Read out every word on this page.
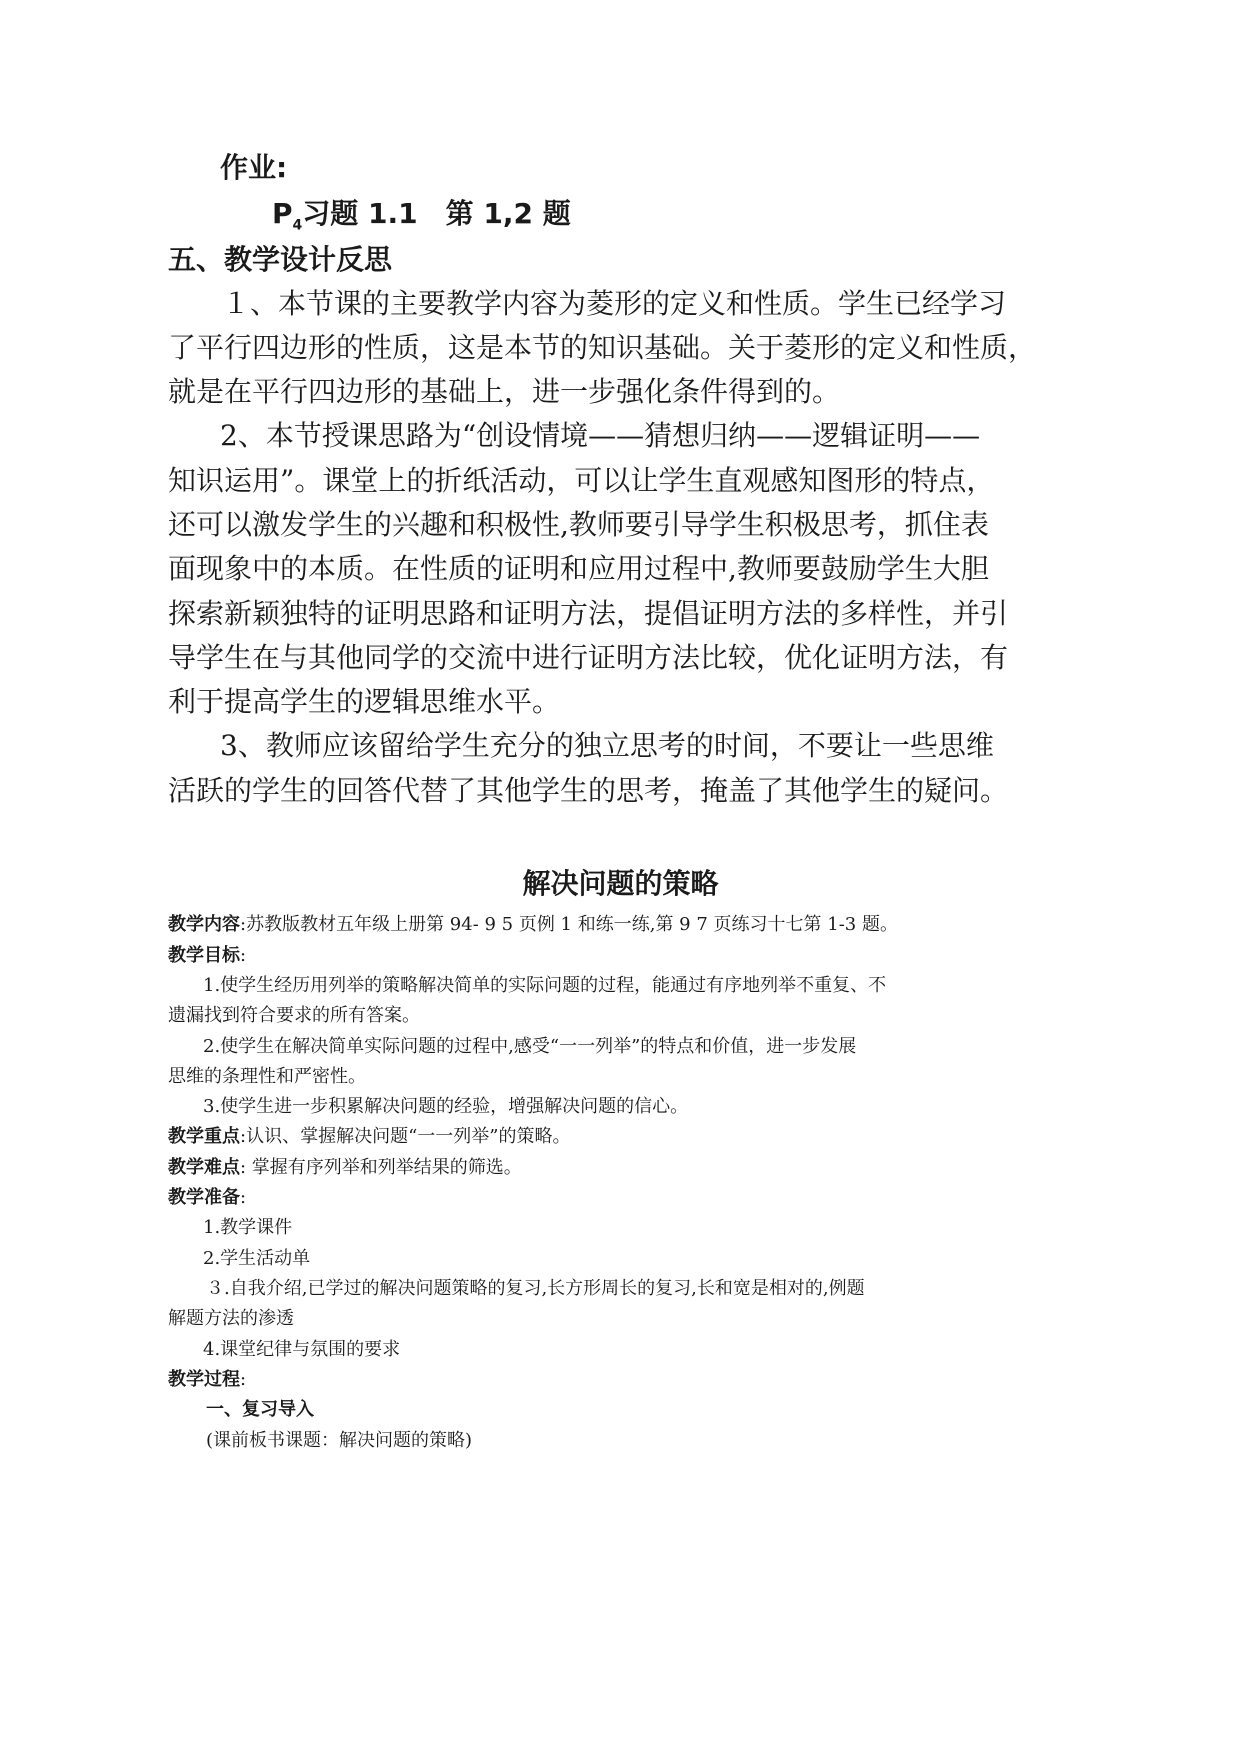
作业:
$P_4$习题 1.1　第 1,2 题
五、教学设计反思
１、本节课的主要教学内容为菱形的定义和性质。学生已经学习
了平行四边形的性质，这是本节的知识基础。关于菱形的定义和性质，
就是在平行四边形的基础上，进一步强化条件得到的。
2、本节授课思路为“创设情境——猜想归纳——逻辑证明——
知识运用”。课堂上的折纸活动，可以让学生直观感知图形的特点，
还可以激发学生的兴趣和积极性,教师要引导学生积极思考，抓住表
面现象中的本质。在性质的证明和应用过程中,教师要鼓励学生大胆
探索新颖独特的证明思路和证明方法，提倡证明方法的多样性，并引
导学生在与其他同学的交流中进行证明方法比较，优化证明方法，有
利于提高学生的逻辑思维水平。
3、教师应该留给学生充分的独立思考的时间，不要让一些思维
活跃的学生的回答代替了其他学生的思考，掩盖了其他学生的疑问。
解决问题的策略
教学内容:苏教版教材五年级上册第 94- 9 5 页例 1 和练一练,第 9 7 页练习十七第 1-3 题。
教学目标:
1.使学生经历用列举的策略解决简单的实际问题的过程，能通过有序地列举不重复、不
遗漏找到符合要求的所有答案。
2.使学生在解决简单实际问题的过程中,感受“一一列举”的特点和价值，进一步发展
思维的条理性和严密性。
3.使学生进一步积累解决问题的经验，增强解决问题的信心。
教学重点:认识、掌握解决问题“一一列举”的策略。
教学难点: 掌握有序列举和列举结果的筛选。
教学准备:
1.教学课件
2.学生活动单
３.自我介绍,已学过的解决问题策略的复习,长方形周长的复习,长和宽是相对的,例题
解题方法的渗透
4.课堂纪律与氛围的要求
教学过程:
一、复习导入
(课前板书课题：解决问题的策略)
